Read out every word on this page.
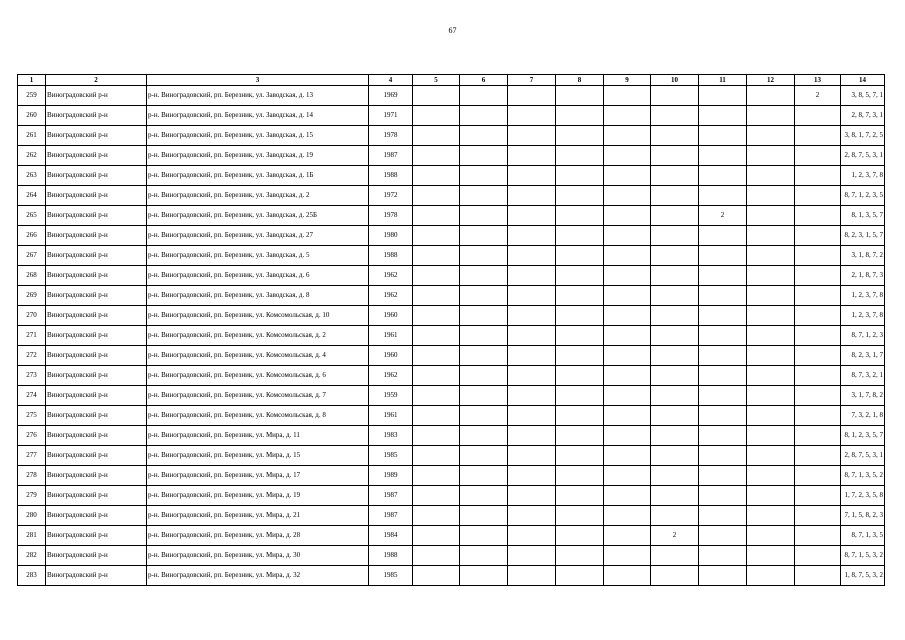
67
1	2	3	4	5	6	7	8	9	10	11	12	13	14
259	Виноградовский р-н	р-н. Виноградовский, рп. Березник, ул. Заводская, д. 13	1969									2	3, 8, 5, 7, 1
260	Виноградовский р-н	р-н. Виноградовский, рп. Березник, ул. Заводская, д. 14	1971										2, 8, 7, 3, 1
261	Виноградовский р-н	р-н. Виноградовский, рп. Березник, ул. Заводская, д. 15	1978										3, 8, 1, 7, 2, 5
262	Виноградовский р-н	р-н. Виноградовский, рп. Березник, ул. Заводская, д. 19	1987										2, 8, 7, 5, 3, 1
263	Виноградовский р-н	р-н. Виноградовский, рп. Березник, ул. Заводская, д. 1Б	1988										1, 2, 3, 7, 8
264	Виноградовский р-н	р-н. Виноградовский, рп. Березник, ул. Заводская, д. 2	1972										8, 7, 1, 2, 3, 5
265	Виноградовский р-н	р-н. Виноградовский, рп. Березник, ул. Заводская, д. 25Б	1978							2			8, 1, 3, 5, 7
266	Виноградовский р-н	р-н. Виноградовский, рп. Березник, ул. Заводская, д. 27	1980										8, 2, 3, 1, 5, 7
267	Виноградовский р-н	р-н. Виноградовский, рп. Березник, ул. Заводская, д. 5	1988										3, 1, 8, 7, 2
268	Виноградовский р-н	р-н. Виноградовский, рп. Березник, ул. Заводская, д. 6	1962										2, 1, 8, 7, 3
269	Виноградовский р-н	р-н. Виноградовский, рп. Березник, ул. Заводская, д. 8	1962										1, 2, 3, 7, 8
270	Виноградовский р-н	р-н. Виноградовский, рп. Березник, ул. Комсомольская, д. 10	1960										1, 2, 3, 7, 8
271	Виноградовский р-н	р-н. Виноградовский, рп. Березник, ул. Комсомольская, д. 2	1961										8, 7, 1, 2, 3
272	Виноградовский р-н	р-н. Виноградовский, рп. Березник, ул. Комсомольская, д. 4	1960										8, 2, 3, 1, 7
273	Виноградовский р-н	р-н. Виноградовский, рп. Березник, ул. Комсомольская, д. 6	1962										8, 7, 3, 2, 1
274	Виноградовский р-н	р-н. Виноградовский, рп. Березник, ул. Комсомольская, д. 7	1959										3, 1, 7, 8, 2
275	Виноградовский р-н	р-н. Виноградовский, рп. Березник, ул. Комсомольская, д. 8	1961										7, 3, 2, 1, 8
276	Виноградовский р-н	р-н. Виноградовский, рп. Березник, ул. Мира, д. 11	1983										8, 1, 2, 3, 5, 7
277	Виноградовский р-н	р-н. Виноградовский, рп. Березник, ул. Мира, д. 15	1985										2, 8, 7, 5, 3, 1
278	Виноградовский р-н	р-н. Виноградовский, рп. Березник, ул. Мира, д. 17	1989										8, 7, 1, 3, 5, 2
279	Виноградовский р-н	р-н. Виноградовский, рп. Березник, ул. Мира, д. 19	1987										1, 7, 2, 3, 5, 8
280	Виноградовский р-н	р-н. Виноградовский, рп. Березник, ул. Мира, д. 21	1987										7, 1, 5, 8, 2, 3
281	Виноградовский р-н	р-н. Виноградовский, рп. Березник, ул. Мира, д. 28	1984						2				8, 7, 1, 3, 5
282	Виноградовский р-н	р-н. Виноградовский, рп. Березник, ул. Мира, д. 30	1988										8, 7, 1, 5, 3, 2
283	Виноградовский р-н	р-н. Виноградовский, рп. Березник, ул. Мира, д. 32	1985										1, 8, 7, 5, 3, 2
